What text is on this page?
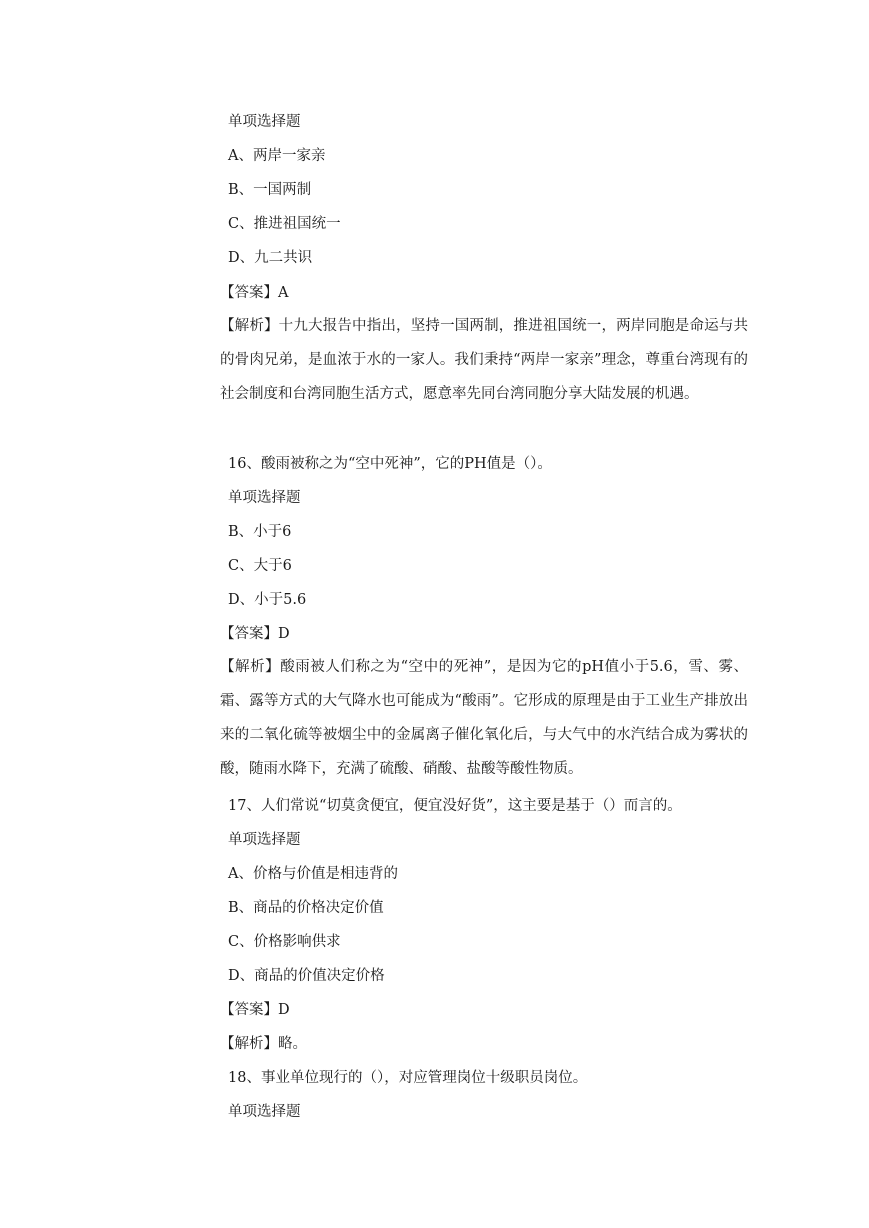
单项选择题
A、两岸一家亲
B、一国两制
C、推进祖国统一
D、九二共识
【答案】A
【解析】十九大报告中指出，坚持一国两制，推进祖国统一，两岸同胞是命运与共的骨肉兄弟，是血浓于水的一家人。我们秉持“两岸一家亲”理念，尊重台湾现有的社会制度和台湾同胞生活方式，愿意率先同台湾同胞分享大陆发展的机遇。
16、酸雨被称之为“空中死神”，它的PH值是（）。
单项选择题
B、小于6
C、大于6
D、小于5.6
【答案】D
【解析】酸雨被人们称之为“空中的死神”，是因为它的pH值小于5.6，雪、雾、霜、露等方式的大气降水也可能成为“酸雨”。它形成的原理是由于工业生产排放出来的二氧化硫等被烟尘中的金属离子催化氧化后，与大气中的水汽结合成为雾状的酸，随雨水降下，充满了硫酸、硝酸、盐酸等酸性物质。
17、人们常说“切莫贪便宜，便宜没好货”，这主要是基于（）而言的。
单项选择题
A、价格与价值是相违背的
B、商品的价格决定价值
C、价格影响供求
D、商品的价值决定价格
【答案】D
【解析】略。
18、事业单位现行的（），对应管理岗位十级职员岗位。
单项选择题
